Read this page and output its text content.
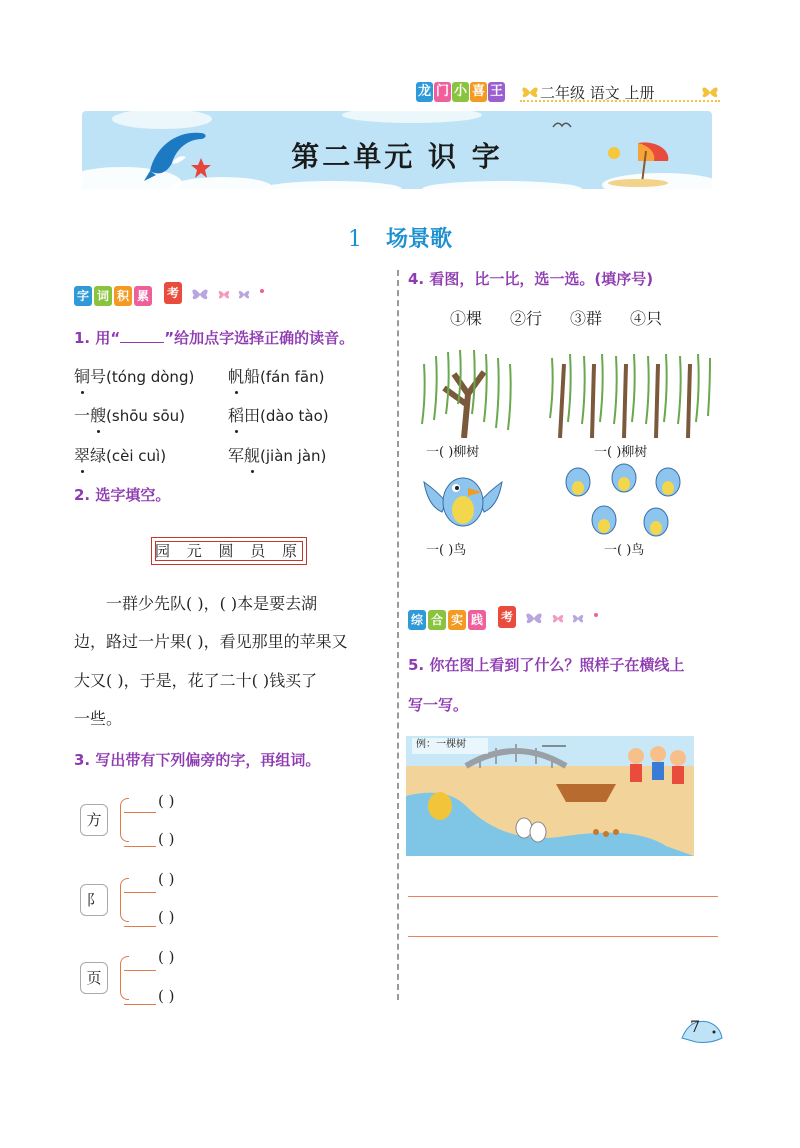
龙 门 小 喜 王 二年级 语文 上册
第二单元 识 字
1 场景歌
字 词 积 累 考
1. 用“	”给加点字选择正确的读音。
铜号(tóng dòng) 帆船(fán fān)
一艘(shōu sōu)	稻田(dào tào)
翠绿(cèi cuì)	军舰(jiàn jàn)
2. 选字填空。
园 元 圆 员 原
一群少先队( )，( )本是要去湖
边，路过一片果( )，看见那里的苹果又
大又( )，于是，花了二十( )钱买了
一些。
3. 写出带有下列偏旁的字，再组词。
方
( )
( )
阝
( )
( )
页
( )
( )
4. 看图，比一比，选一选。(填序号)
①棵 ②行 ③群 ④只
一( )柳树	一( )柳树
一( )鸟	一( )鸟
综 合 实 践 考
5. 你在图上看到了什么？照样子在横线上
写一写。
例：一棵树
7
